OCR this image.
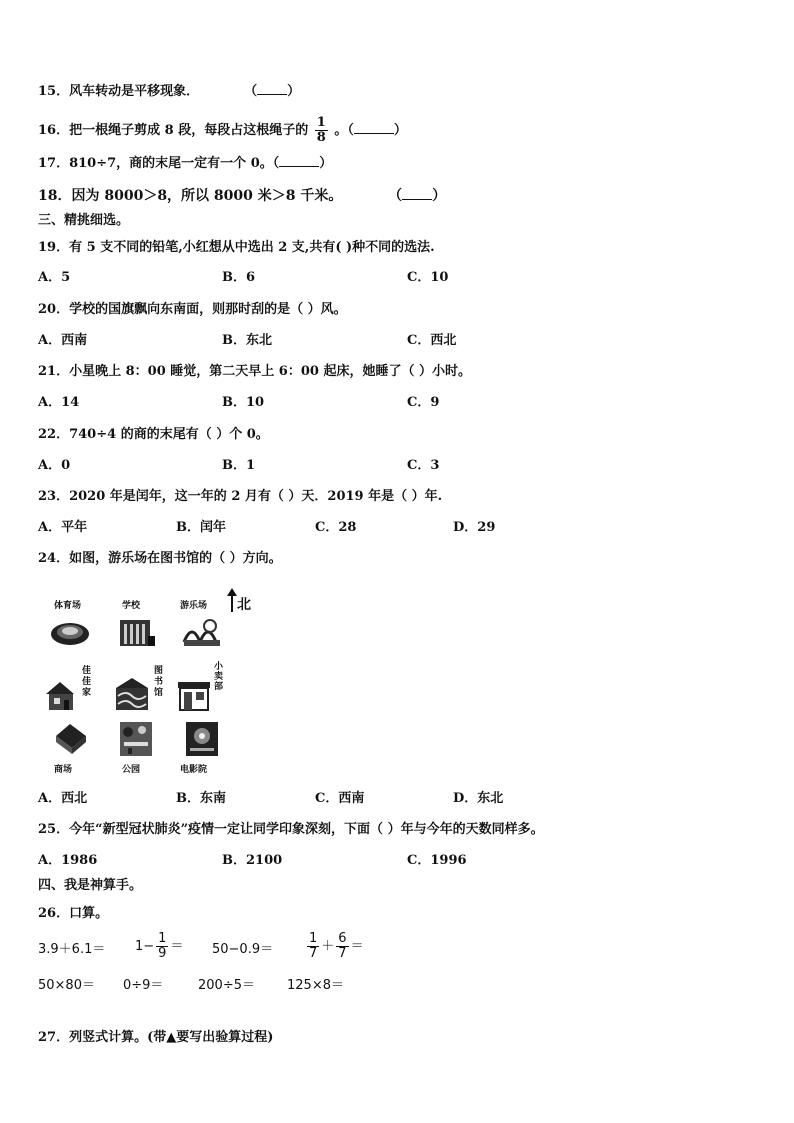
15．风车转动是平移现象．	（ ）
16．把一根绳子剪成 8 段，每段占这根绳子的 $\frac{1}{8}$ 。（	）
17．810÷7，商的末尾一定有一个 0。（	）
18．因为 8000＞8，所以 8000 米＞8 千米。	（ ）
三、精挑细选。
19．有 5 支不同的铅笔,小红想从中选出 2 支,共有( )种不同的选法.
A．5	B．6	C．10
20．学校的国旗飘向东南面，则那时刮的是（ ）风。
A．西南	B．东北	C．西北
21．小星晚上 8：00 睡觉，第二天早上 6：00 起床，她睡了（ ）小时。
A．14	B．10	C．9
22．740÷4 的商的末尾有（ ）个 0。
A．0	B．1	C．3
23．2020 年是闰年，这一年的 2 月有（ ）天．2019 年是（ ）年.
A．平年	B．闰年	C．28	D．29
24．如图，游乐场在图书馆的（ ）方向。
北
体育场	学校	游乐场
佳佳家
图书馆
小卖部
商场	公园	电影院
A．西北	B．东南	C．西南	D．东北
25．今年“新型冠状肺炎”疫情一定让同学印象深刻，下面（ ）年与今年的天数同样多。
A．1986	B．2100	C．1996
四、我是神算手。
26．口算。
$3.9+6.1= 1- \frac{1}{9} = 50-0.9=$	$\frac{1}{7} + \frac{6}{7}$ ＝
50×80＝ 0÷9＝	200÷5＝ 125×8＝
27．列竖式计算。(带▲要写出验算过程)
